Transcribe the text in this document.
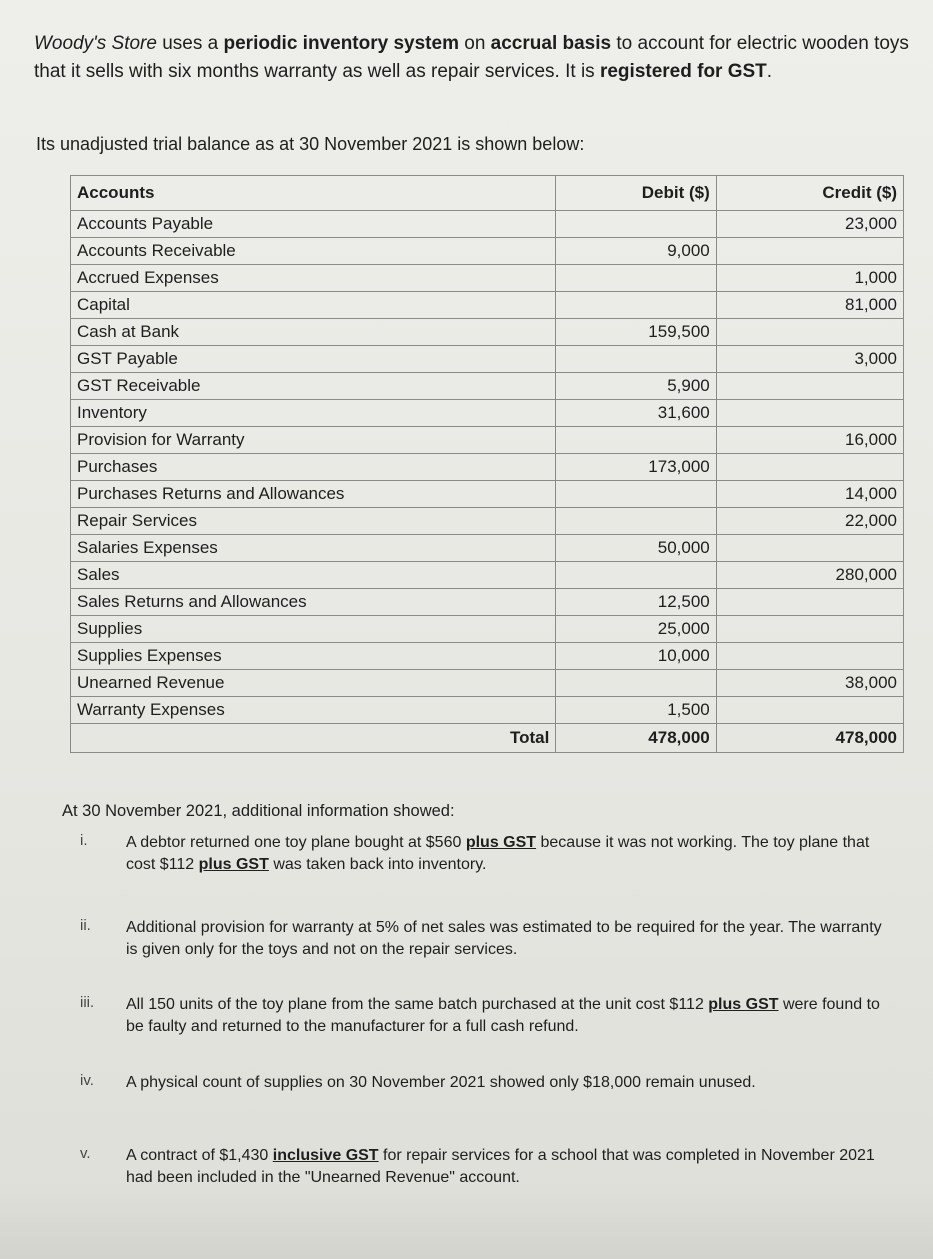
Woody's Store uses a periodic inventory system on accrual basis to account for electric wooden toys that it sells with six months warranty as well as repair services. It is registered for GST.
Its unadjusted trial balance as at 30 November 2021 is shown below:
Accounts	Debit ($)	Credit ($)
Accounts Payable		23,000
Accounts Receivable	9,000	
Accrued Expenses		1,000
Capital		81,000
Cash at Bank	159,500	
GST Payable		3,000
GST Receivable	5,900	
Inventory	31,600	
Provision for Warranty		16,000
Purchases	173,000	
Purchases Returns and Allowances		14,000
Repair Services		22,000
Salaries Expenses	50,000	
Sales		280,000
Sales Returns and Allowances	12,500	
Supplies	25,000	
Supplies Expenses	10,000	
Unearned Revenue		38,000
Warranty Expenses	1,500	
Total	478,000	478,000
At 30 November 2021, additional information showed:
i. A debtor returned one toy plane bought at $560 plus GST because it was not working. The toy plane that cost $112 plus GST was taken back into inventory.
ii. Additional provision for warranty at 5% of net sales was estimated to be required for the year. The warranty is given only for the toys and not on the repair services.
iii. All 150 units of the toy plane from the same batch purchased at the unit cost $112 plus GST were found to be faulty and returned to the manufacturer for a full cash refund.
iv. A physical count of supplies on 30 November 2021 showed only $18,000 remain unused.
v. A contract of $1,430 inclusive GST for repair services for a school that was completed in November 2021 had been included in the "Unearned Revenue" account.
